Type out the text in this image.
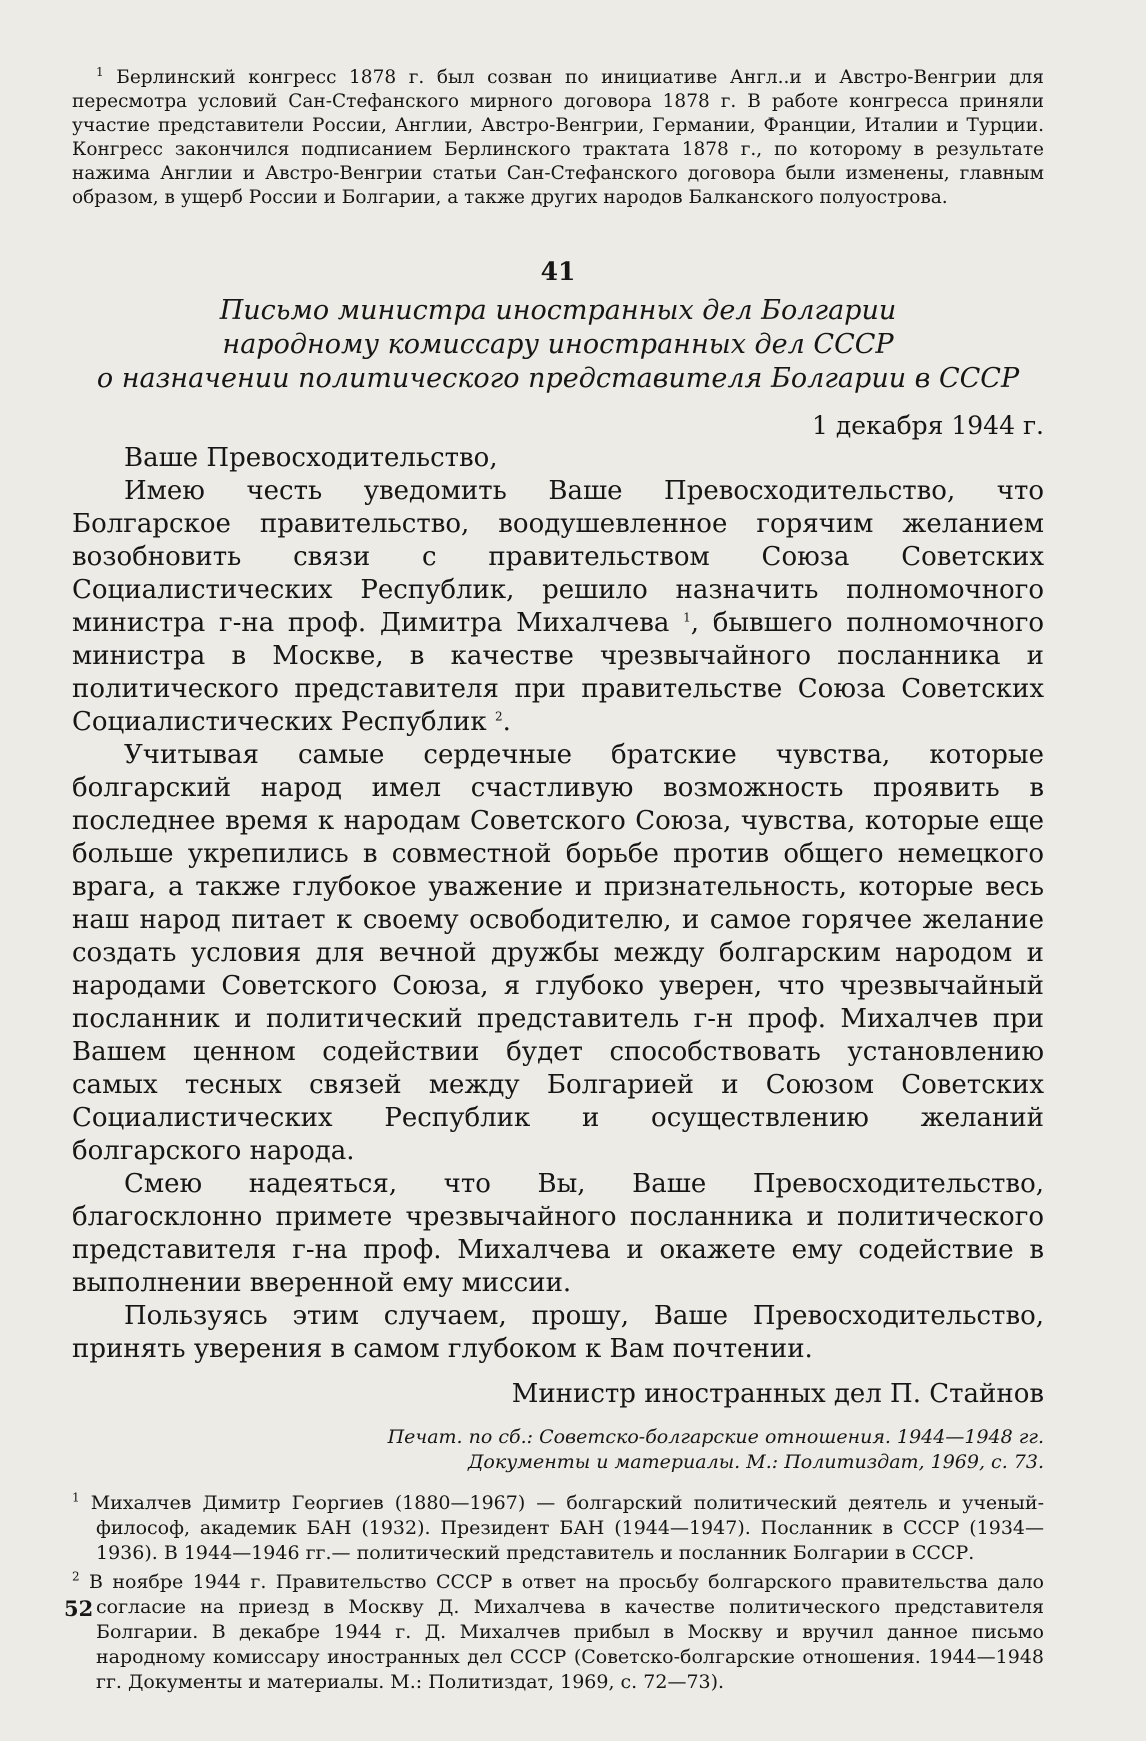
$^1$ Берлинский конгресс 1878 г. был созван по инициативе Англ..и и Австро-Венгрии для пересмотра условий Сан-Стефанского мирного договора 1878 г. В работе конгресса приняли участие представители России, Англии, Австро-Венгрии, Германии, Франции, Италии и Турции. Конгресс закончился подписанием Берлинского трактата 1878 г., по которому в результате нажима Англии и Австро-Венгрии статьи Сан-Стефанского договора были изменены, главным образом, в ущерб России и Болгарии, а также других народов Балканского полуострова.

41

Письмо министра иностранных дел Болгарии

народному комиссару иностранных дел СССР

о назначении политического представителя Болгарии в СССР

1 декабря 1944 г.

Ваше Превосходительство,

Имею честь уведомить Ваше Превосходительство, что Болгарское правительство, воодушевленное горячим желанием возобновить связи с правительством Союза Советских Социалистических Республик, решило назначить полномочного министра г-на проф. Димитра Михалчева $^1$, бывшего полномочного министра в Москве, в качестве чрезвычайного посланника и политического представителя при правительстве Союза Советских Социалистических Республик $^2$.

Учитывая самые сердечные братские чувства, которые болгарский народ имел счастливую возможность проявить в последнее время к народам Советского Союза, чувства, которые еще больше укрепились в совместной борьбе против общего немецкого врага, а также глубокое уважение и признательность, которые весь наш народ питает к своему освободителю, и самое горячее желание создать условия для вечной дружбы между болгарским народом и народами Советского Союза, я глубоко уверен, что чрезвычайный посланник и политический представитель г-н проф. Михалчев при Вашем ценном содействии будет способствовать установлению самых тесных связей между Болгарией и Союзом Советских Социалистических Республик и осуществлению желаний болгарского народа.

Смею надеяться, что Вы, Ваше Превосходительство, благосклонно примете чрезвычайного посланника и политического представителя г-на проф. Михалчева и окажете ему содействие в выполнении вверенной ему миссии.

Пользуясь этим случаем, прошу, Ваше Превосходительство, принять уверения в самом глубоком к Вам почтении.

Министр иностранных дел П. Стайнов
Печат. по сб.: Советско-болгарские отношения. 1944—1948 гг.
Документы и материалы. М.: Политиздат, 1969, с. 73.

$^1$ Михалчев Димитр Георгиев (1880—1967) — болгарский политический деятель и ученый-философ, академик БАН (1932). Президент БАН (1944—1947). Посланник в СССР (1934—1936). В 1944—1946 гг.— политический представитель и посланник Болгарии в СССР.

$^2$ В ноябре 1944 г. Правительство СССР в ответ на просьбу болгарского правительства дало согласие на приезд в Москву Д. Михалчева в качестве политического представителя Болгарии. В декабре 1944 г. Д. Михалчев прибыл в Москву и вручил данное письмо народному комиссару иностранных дел СССР (Советско-болгарские отношения. 1944—1948 гг. Документы и материалы. М.: Политиздат, 1969, с. 72—73).

52
